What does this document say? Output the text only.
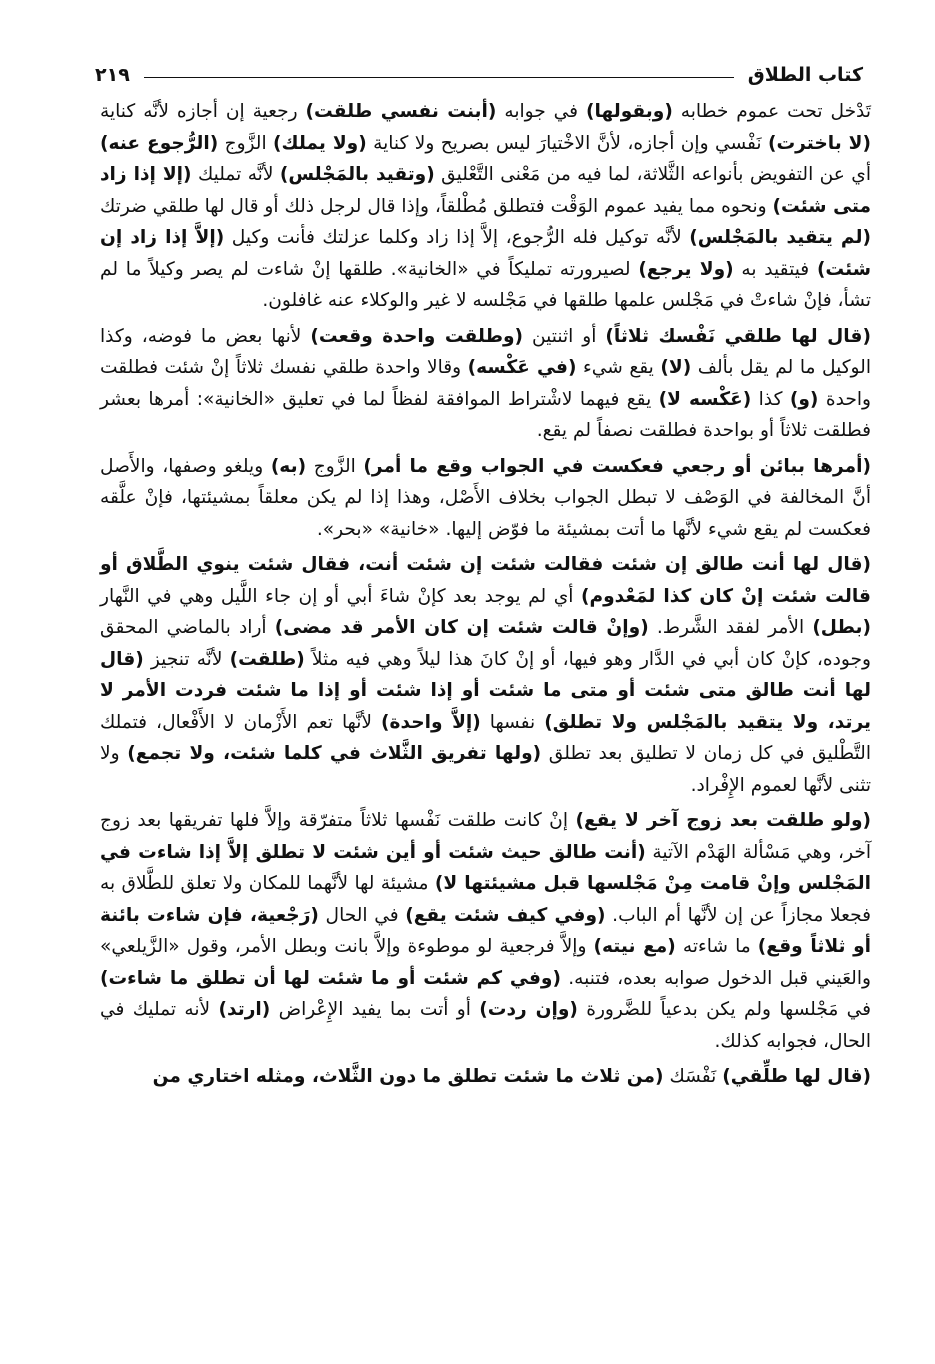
كتاب الطلاق
٢١٩

تَدْخل تحت عموم خطابه (وبقولها) في جوابه (أبنت نفسي طلقت) رجعية إن أجازه لأنَّه كناية (لا باخترت) نَفْسي وإن أجازه، لأنَّ الاخْتيارَ ليس بصريح ولا كناية (ولا يملك) الزَّوج (الرُّجوع عنه) أي عن التفويض بأنواعه الثَّلاثة، لما فيه من مَعْنى التَّعْليق (وتقيد بالمَجْلس) لأنَّه تمليك (إلا إذا زاد متى شئت) ونحوه مما يفيد عموم الوَقْت فتطلق مُطْلقاً، وإذا قال لرجل ذلك أو قال لها طلقي ضرتك (لم يتقيد بالمَجْلس) لأنَّه توكيل فله الرُّجوع، إلاَّ إذا زاد وكلما عزلتك فأنت وكيل (إلاَّ إذا زاد إن شئت) فيتقيد به (ولا يرجع) لصيرورته تمليكاً في «الخانية». طلقها إنْ شاءت لم يصر وكيلاً ما لم تشأ، فإنْ شاءتْ في مَجْلس علمها طلقها في مَجْلسه لا غير والوكلاء عنه غافلون.

(قال لها طلقي نَفْسك ثلاثاً) أو اثنتين (وطلقت واحدة وقعت) لأنها بعض ما فوضه، وكذا الوكيل ما لم يقل بألف (لا) يقع شيء (في عَكْسه) وقالا واحدة طلقي نفسك ثلاثاً إنْ شئت فطلقت واحدة (و) كذا (عَكْسه لا) يقع فيهما لاشْتراط الموافقة لفظاً لما في تعليق «الخانية»: أمرها بعشر فطلقت ثلاثاً أو بواحدة فطلقت نصفاً لم يقع.

(أمرها ببائن أو رجعي فعكست في الجواب وقع ما أمر) الزَّوج (به) ويلغو وصفها، والأَصل أنَّ المخالفة في الوَصْف لا تبطل الجواب بخلاف الأَصْل، وهذا إذا لم يكن معلقاً بمشيئتها، فإنْ علَّقه فعكست لم يقع شيء لأنَّها ما أتت بمشيئة ما فوّض إليها. «خانية» «بحر».

(قال لها أنت طالق إن شئت فقالت شئت إن شئت أنت، فقال شئت ينوي الطَّلاق أو قالت شئت إنْ كان كذا لمَعْدوم) أي لم يوجد بعد كإنْ شاءَ أبي أو إن جاء اللَّيل وهي في النَّهار (بطل) الأمر لفقد الشَّرط. (وإنْ قالت شئت إن كان الأمر قد مضى) أراد بالماضي المحقق وجوده، كإنْ كان أبي في الدَّار وهو فيها، أو إنْ كانَ هذا ليلاً وهي فيه مثلاً (طلقت) لأنَّه تنجيز (قال لها أنت طالق متى شئت أو متى ما شئت أو إذا شئت أو إذا ما شئت فردت الأمر لا يرتد، ولا يتقيد بالمَجْلس ولا تطلق) نفسها (إلاَّ واحدة) لأنَّها تعم الأَزْمان لا الأَفْعال، فتملك التَّطْليق في كل زمان لا تطليق بعد تطلق (ولها تفريق الثَّلاث في كلما شئت، ولا تجمع) ولا تثنى لأنَّها لعموم الإِفْراد.

(ولو طلقت بعد زوج آخر لا يقع) إنْ كانت طلقت نَفْسها ثلاثاً متفرّقة وإلاَّ فلها تفريقها بعد زوج آخر، وهي مَسْألة الهَدْم الآتية (أنت طالق حيث شئت أو أين شئت لا تطلق إلاَّ إذا شاءت في المَجْلس وإنْ قامت مِنْ مَجْلسها قبل مشيئتها لا) مشيئة لها لأنَّهما للمكان ولا تعلق للطَّلاق به فجعلا مجازاً عن إن لأنَّها أم الباب. (وفي كيف شئت يقع) في الحال (رَجْعية، فإن شاءت بائنة أو ثلاثاً وقع) ما شاءته (مع نيته) وإلاَّ فرجعية لو موطوءة وإلاَّ بانت وبطل الأمر، وقول «الزَّيلعي» والعَيني قبل الدخول صوابه بعده، فتنبه. (وفي كم شئت أو ما شئت لها أن تطلق ما شاءت) في مَجْلسها ولم يكن بدعياً للضَّرورة (وإن ردت) أو أتت بما يفيد الإِعْراض (ارتد) لأنه تمليك في الحال، فجوابه كذلك.

(قال لها طلِّقي) نَفْسَك (من ثلاث ما شئت تطلق ما دون الثَّلاث، ومثله اختاري من
